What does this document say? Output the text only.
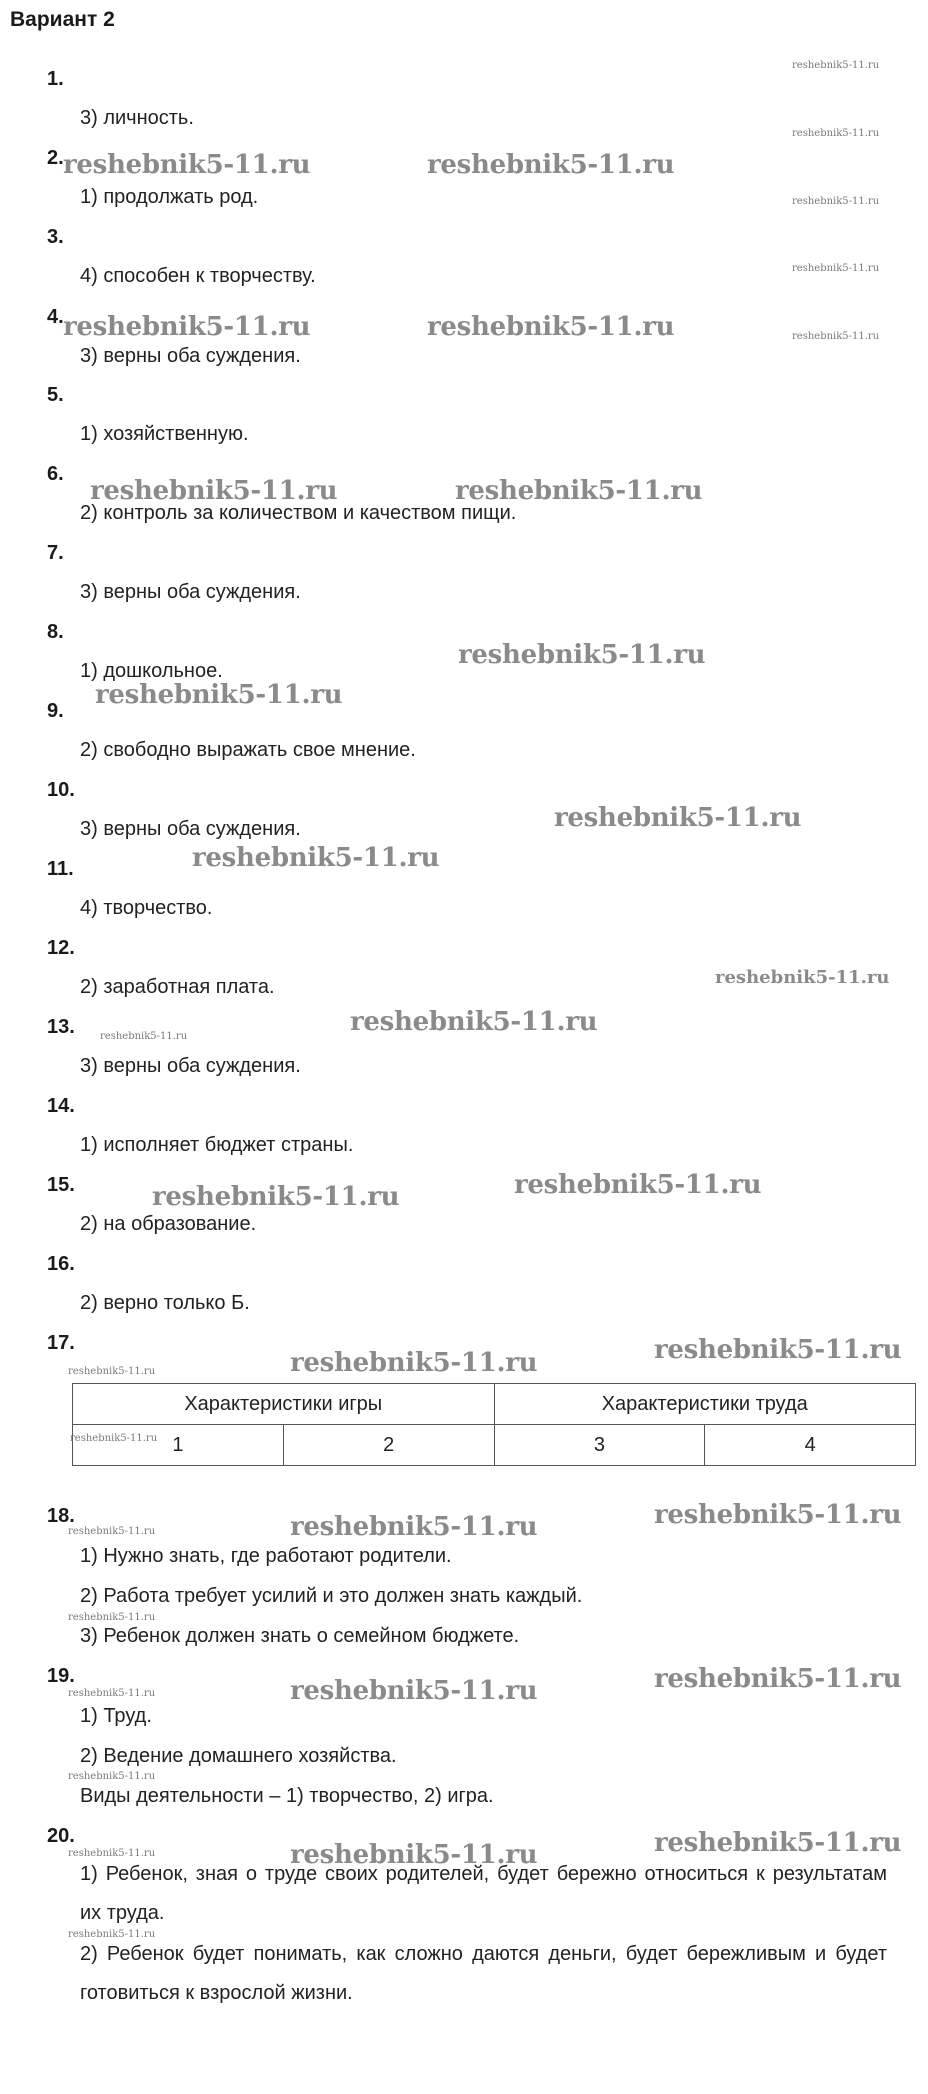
Вариант 2
1.
3) личность.
2.
1) продолжать род.
3.
4) способен к творчеству.
4.
3) верны оба суждения.
5.
1) хозяйственную.
6.
2) контроль за количеством и качеством пищи.
7.
3) верны оба суждения.
8.
1) дошкольное.
9.
2) свободно выражать свое мнение.
10.
3) верны оба суждения.
11.
4) творчество.
12.
2) заработная плата.
13.
3) верны оба суждения.
14.
1) исполняет бюджет страны.
15.
2) на образование.
16.
2) верно только Б.
17.
Характеристики игры		Характеристики труда	
1	2	3	4
18.
1) Нужно знать, где работают родители.
2) Работа требует усилий и это должен знать каждый.
3) Ребенок должен знать о семейном бюджете.
19.
1) Труд.
2) Ведение домашнего хозяйства.
Виды деятельности – 1) творчество, 2) игра.
20.
1) Ребенок, зная о труде своих родителей, будет бережно относиться к результатам их труда.
2) Ребенок будет понимать, как сложно даются деньги, будет бережливым и будет готовиться к взрослой жизни.
reshebnik5-11.ru
reshebnik5-11.ru
reshebnik5-11.ru
reshebnik5-11.ru
reshebnik5-11.ru
reshebnik5-11.ru	reshebnik5-11.ru
reshebnik5-11.ru	reshebnik5-11.ru
reshebnik5-11.ru	reshebnik5-11.ru
reshebnik5-11.ru
reshebnik5-11.ru
reshebnik5-11.ru
reshebnik5-11.ru
reshebnik5-11.ru
reshebnik5-11.ru
reshebnik5-11.ru
reshebnik5-11.ru
reshebnik5-11.ru
reshebnik5-11.ru
reshebnik5-11.ru
reshebnik5-11.ru
reshebnik5-11.ru
reshebnik5-11.ru
reshebnik5-11.ru
reshebnik5-11.ru
reshebnik5-11.ru
reshebnik5-11.ru
reshebnik5-11.ru
reshebnik5-11.ru
reshebnik5-11.ru
reshebnik5-11.ru
reshebnik5-11.ru
reshebnik5-11.ru
reshebnik5-11.ru
